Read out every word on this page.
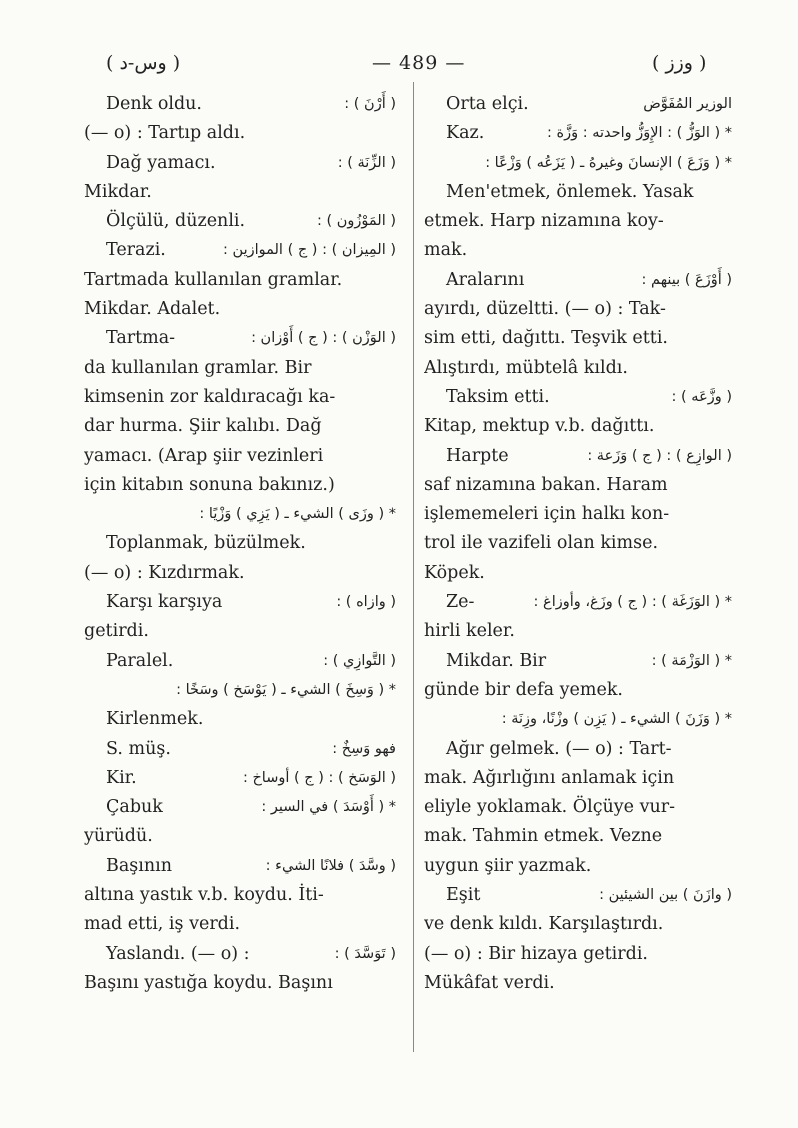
( وس-د )	— 489 —	( وزز )
Denk oldu.	( أَرْنَ ) :
(— o) : Tartıp aldı.
Dağ yamacı.	( الزِّنَة ) :
Mikdar.
Ölçülü, düzenli.	( المَوْزُون ) :
Terazi.	( المِيزان ) : ( ج ) الموازين :
Tartmada kullanılan gramlar.
Mikdar. Adalet.
Tartma-	( الوَزْن ) : ( ج ) أَوْزان :
da kullanılan gramlar. Bir
kimsenin zor kaldıracağı ka-
dar hurma. Şiir kalıbı. Dağ
yamacı. (Arap şiir vezinleri
için kitabın sonuna bakınız.)
* ( وزَى ) الشيء ـ ( يَزِي ) وَزْيًا :
Toplanmak, büzülmek.
(— o) : Kızdırmak.
Karşı karşıya	( وازاه ) :
getirdi.
Paralel.	( التَّوازِي ) :
* ( وَسِخَ ) الشيء ـ ( يَوْسَخ ) وسَخًا :
Kirlenmek.
S. müş.	فهو وَسِخٌ :
Kir.	( الوَسَخ ) : ( ج ) أوساخ :
Çabuk	* ( أَوْسَدَ ) في السير :
yürüdü.
Başının	( وسَّدَ ) فلانًا الشيء :
altına yastık v.b. koydu. İti-
mad etti, iş verdi.
Yaslandı. (— o) :	( تَوَسَّدَ ) :
Başını yastığa koydu. Başını
Orta elçi.	الوزير المُفَوَّض
Kaz.	* ( الوَزُّ ) : الإِوَزُّ واحدته : وَزَّة :
* ( وَزَعَ ) الإنسانَ وغيرهُ ـ ( يَزَعُه ) وَزْعًا :
Men'etmek, önlemek. Yasak
etmek. Harp nizamına koy-
mak.
Aralarını	( أَوْزَعَ ) بينهم :
ayırdı, düzeltti. (— o) : Tak-
sim etti, dağıttı. Teşvik etti.
Alıştırdı, mübtelâ kıldı.
Taksim etti.	( وزَّعَه ) :
Kitap, mektup v.b. dağıttı.
Harpte	( الوازِع ) : ( ج ) وَزَعة :
saf nizamına bakan. Haram
işlememeleri için halkı kon-
trol ile vazifeli olan kimse.
Köpek.
Ze-	* ( الوَزَغَة ) : ( ج ) وزَغ، وأوزاغ :
hirli keler.
Mikdar. Bir	* ( الوَزْمَة ) :
günde bir defa yemek.
* ( وَزَنَ ) الشيء ـ ( يَزِن ) وزْنًا، وزِنَة :
Ağır gelmek. (— o) : Tart-
mak. Ağırlığını anlamak için
eliyle yoklamak. Ölçüye vur-
mak. Tahmin etmek. Vezne
uygun şiir yazmak.
Eşit	( وازَنَ ) بين الشيئين :
ve denk kıldı. Karşılaştırdı.
(— o) : Bir hizaya getirdi.
Mükâfat verdi.
